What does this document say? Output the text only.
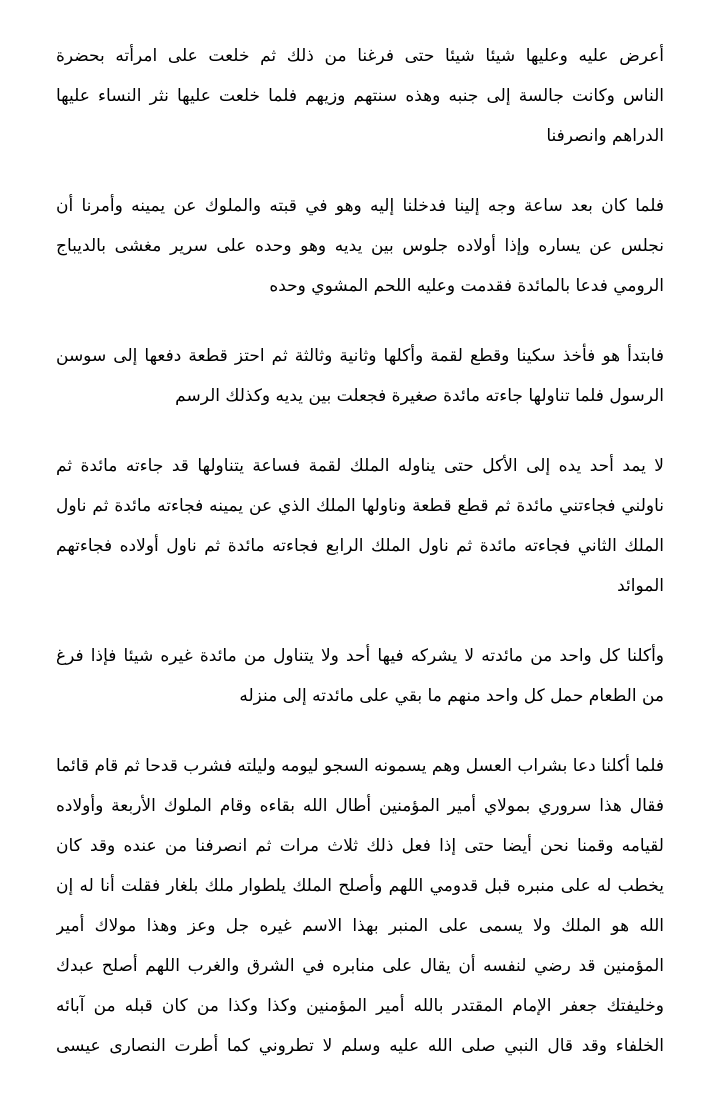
أعرض عليه وعليها شيئا شيئا حتى فرغنا من ذلك ثم خلعت على امرأته بحضرة
الناس وكانت جالسة إلى جنبه وهذه سنتهم وزيهم فلما خلعت عليها نثر النساء عليها
الدراهم وانصرفنا
فلما كان بعد ساعة وجه إلينا فدخلنا إليه وهو في قبته والملوك عن يمينه وأمرنا أن
نجلس عن يساره وإذا أولاده جلوس بين يديه وهو وحده على سرير مغشى بالديباج
الرومي فدعا بالمائدة فقدمت وعليه اللحم المشوي وحده
فابتدأ هو فأخذ سكينا وقطع لقمة وأكلها وثانية وثالثة ثم احتز قطعة دفعها إلى سوسن
الرسول فلما تناولها جاءته مائدة صغيرة فجعلت بين يديه وكذلك الرسم
لا يمد أحد يده إلى الأكل حتى يناوله الملك لقمة فساعة يتناولها قد جاءته مائدة ثم
ناولني فجاءتني مائدة ثم قطع قطعة وناولها الملك الذي عن يمينه فجاءته مائدة ثم ناول
الملك الثاني فجاءته مائدة ثم ناول الملك الرابع فجاءته مائدة ثم ناول أولاده فجاءتهم
الموائد
وأكلنا كل واحد من مائدته لا يشركه فيها أحد ولا يتناول من مائدة غيره شيئا فإذا فرغ
من الطعام حمل كل واحد منهم ما بقي على مائدته إلى منزله
فلما أكلنا دعا بشراب العسل وهم يسمونه السجو ليومه وليلته فشرب قدحا ثم قام قائما
فقال هذا سروري بمولاي أمير المؤمنين أطال الله بقاءه وقام الملوك الأربعة وأولاده
لقيامه وقمنا نحن أيضا حتى إذا فعل ذلك ثلاث مرات ثم انصرفنا من عنده وقد كان
يخطب له على منبره قبل قدومي اللهم وأصلح الملك يلطوار ملك بلغار فقلت أنا له إن
الله هو الملك ولا يسمى على المنبر بهذا الاسم غيره جل وعز وهذا مولاك أمير
المؤمنين قد رضي لنفسه أن يقال على منابره في الشرق والغرب اللهم أصلح عبدك
وخليفتك جعفر الإمام المقتدر بالله أمير المؤمنين وكذا وكذا من كان قبله من آبائه
الخلفاء وقد قال النبي صلى الله عليه وسلم لا تطروني كما أطرت النصارى عيسى
